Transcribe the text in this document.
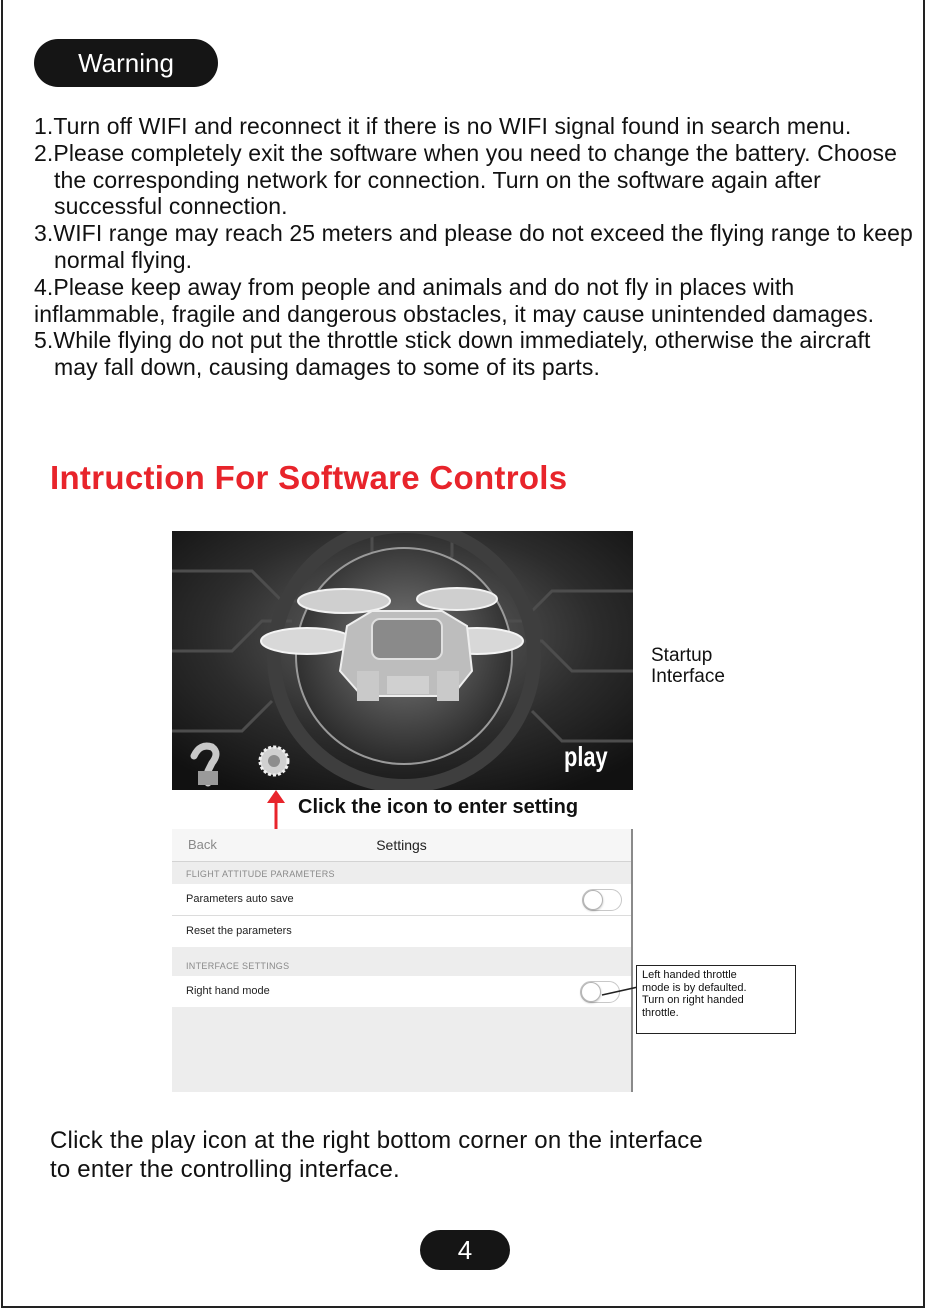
Warning
1.Turn off WIFI and reconnect it if there is no WIFI signal found in search menu.
2.Please completely exit the software when you need to change the battery. Choose the corresponding network for connection. Turn on the software again after successful connection.
3.WIFI range may reach 25 meters and please do not exceed the flying range to keep normal flying.
4.Please keep away from people and animals and do not fly in places with inflammable, fragile and dangerous obstacles, it may cause unintended damages.
5.While flying do not put the throttle stick down immediately, otherwise the aircraft may fall down, causing damages to some of its parts.
Intruction For Software Controls
play
Startup
Interface
Click the icon to enter setting
Back	Settings
FLIGHT ATTITUDE PARAMETERS
Parameters auto save
Reset the parameters
INTERFACE SETTINGS
Right hand mode
Left handed throttle
mode is by defaulted.
Turn on right handed
throttle.
Click the play icon at the right bottom corner on the interface
to enter the controlling interface.
4
